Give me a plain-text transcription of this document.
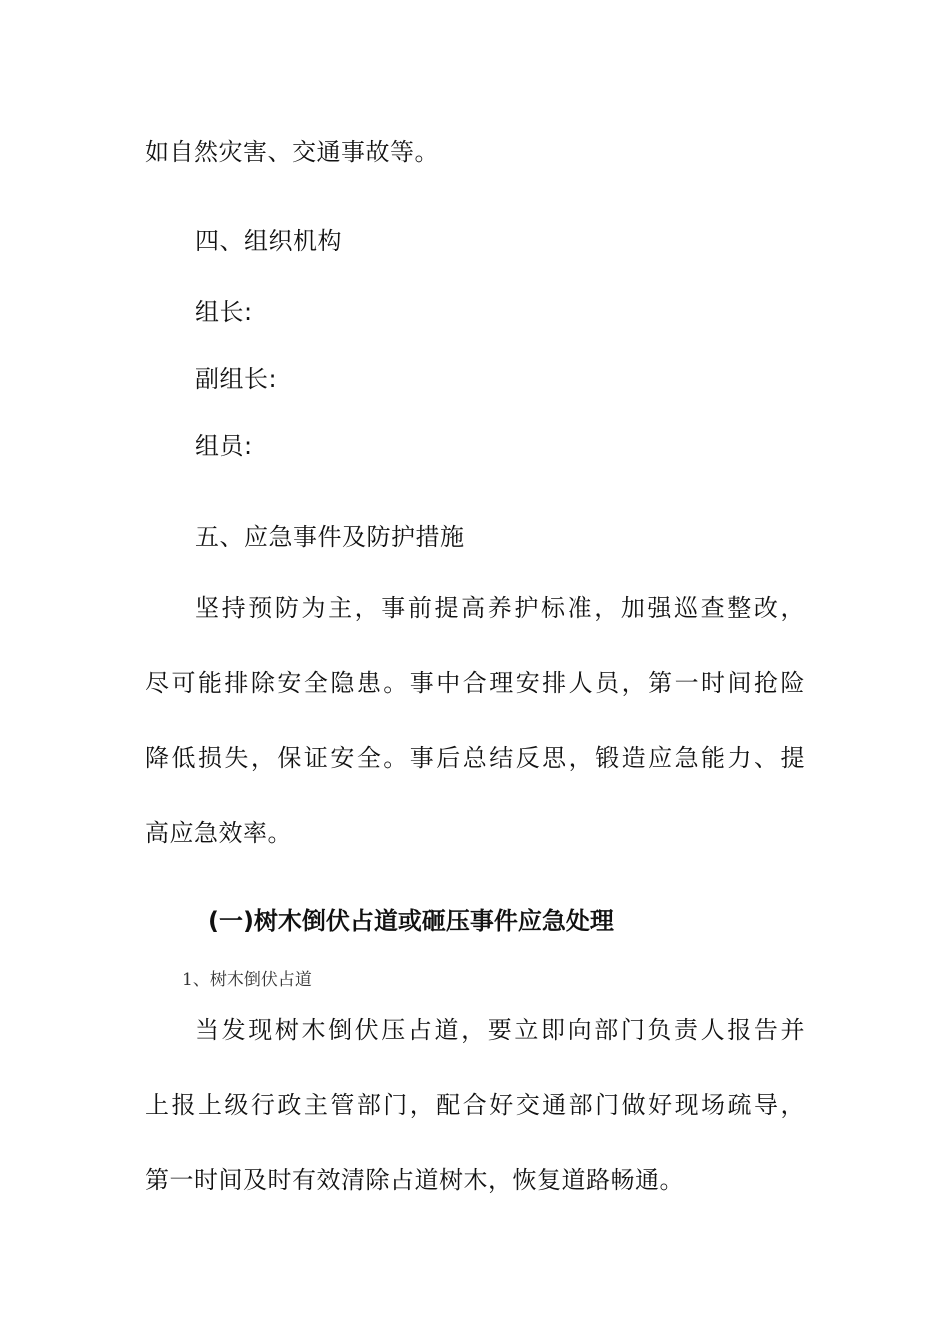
如自然灾害、交通事故等。
四、组织机构
组长:
副组长:
组员:
五、应急事件及防护措施
坚持预防为主，事前提高养护标准，加强巡查整改，
尽可能排除安全隐患。事中合理安排人员，第一时间抢险
降低损失，保证安全。事后总结反思，锻造应急能力、提
高应急效率。
(一)树木倒伏占道或砸压事件应急处理
1、树木倒伏占道
当发现树木倒伏压占道，要立即向部门负责人报告并
上报上级行政主管部门，配合好交通部门做好现场疏导，
第一时间及时有效清除占道树木，恢复道路畅通。
